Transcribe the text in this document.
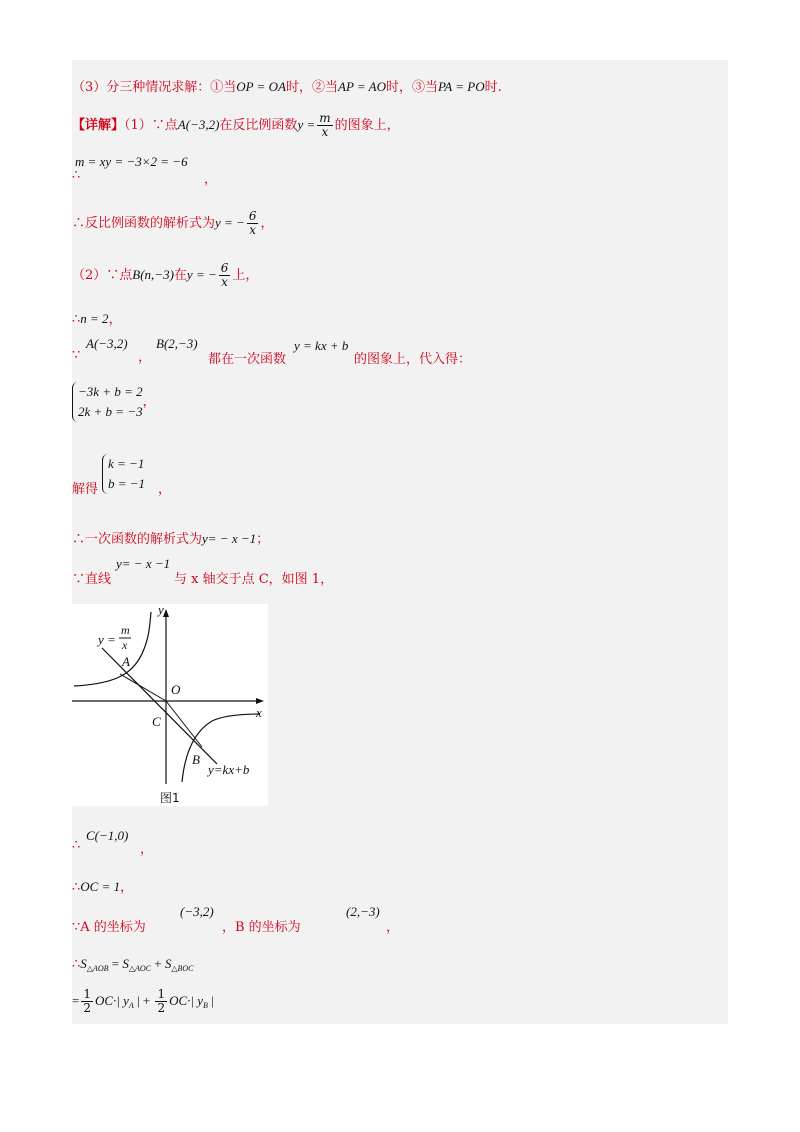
（3）分三种情况求解：①当OP = OA时，②当AP = AO时，③当PA = PO时.
【详解】（1）∵点A(−3,2)在反比例函数$y = \frac{m}{x}$ 的图象上，
m = xy = −3×2 = −6
∴	，
∴反比例函数的解析式为y = − $\frac{6}{x}$ ，
（2）∵点B(n,−3)在y = − $\frac{6}{x}$ 上，
∴n = 2，
∵
A(−3,2)
，
B(2,−3)
都在一次函数
y = kx + b
的图象上，代入得：
−3k + b = 2
2k + b = −3
，
解得
k = −1
b = −1 ，
∴一次函数的解析式为y= − x −1；
∵直线
y= − x −1
与 x 轴交于点 C，如图 1，
y
x
O
A
B
C
y =
m
x
y=kx+b
图1
∴
C(−1,0)
，
∴OC = 1，
∵A 的坐标为
(−3,2)
，B 的坐标为
(2,−3)
，
$\therefore S_{\triangle AOB} = S_{\triangle AOC} + S_{\triangle BOC}$
= $\frac{1}{2} OC\cdot|$ $y_A$ | + $\frac{1}{2} OC\cdot|$ $y_B$ |
